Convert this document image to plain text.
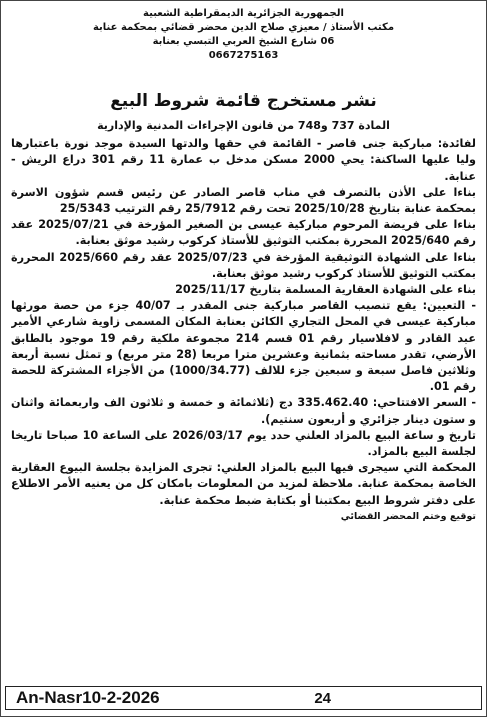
الجمهورية الجزائرية الديمقراطية الشعبية
مكتب الأستاذ / معيزي صلاح الدين محضر قضائي بمحكمة عنابة
06 شارع الشيخ العربي التبسي بعنابة
0667275163
نشر مستخرج قائمة شروط البيع

المادة 737 و748 من قانون الإجراءات المدنية والإدارية

لفائدة: مباركية جنى قاصر - القائمة في حقها والدتها السيدة موجد نورة باعتبارها وليا عليها الساكنة: يحي 2000 مسكن مدخل ب عمارة 11 رقم 301 دراع الريش - عنابة.

بناءا على الأذن بالتصرف في مناب قاصر الصادر عن رئيس قسم شؤون الاسرة بمحكمة عنابة بتاريخ 2025/10/28 تحت رقم 25/7912 رقم الترتيب 25/5343

بناءا على فريضة المرحوم مباركية عيسى بن الصغير المؤرخة في 2025/07/21 عقد رقم 2025/640 المحررة بمكتب التوثيق للأستاذ كركوب رشيد موثق بعنابة.

بناءا على الشهادة التوثيقية المؤرخة في 2025/07/23 عقد رقم 2025/660 المحررة بمكتب التوثيق للأستاذ كركوب رشيد موثق بعنابة.

بناء على الشهادة العقارية المسلمة بتاريخ 2025/11/17

- التعيين: يقع تنصيب القاصر مباركية جنى المقدر بـ 40/07 جزء من حصة مورثها مباركية عيسى في المحل التجاري الكائن بعنابة المكان المسمى زاوية شارعي الأمير عبد القادر و لافلاسيار رقم 01 قسم 214 مجموعة ملكية رقم 19 موجود بالطابق الأرضي، تقدر مساحته بثمانية وعشرين مترا مربعا (28 متر مربع) و تمثل نسبة أربعة وثلاثين فاصل سبعة و سبعين جزء للالف (1000/34.77) من الأجزاء المشتركة للحصة رقم 01.

- السعر الافتتاحي: 335.462.40 دج (ثلاثمائة و خمسة و ثلاثون الف واربعمائة واثنان و ستون دينار جزائري و أربعون سنتيم).

تاريخ و ساعة البيع بالمزاد العلني حدد يوم 2026/03/17 على الساعة 10 صباحا تاريخا لجلسة البيع بالمزاد.

المحكمة التي سيجرى فيها البيع بالمزاد العلني: تجرى المزايدة بجلسة البيوع العقارية الخاصة بمحكمة عنابة. ملاحظة لمزيد من المعلومات بامكان كل من يعنيه الأمر الاطلاع على دفتر شروط البيع بمكتبنا أو بكتابة ضبط محكمة عنابة.

توقيع وختم المحضر القضائي

An-Nasr10-2-2026	24
